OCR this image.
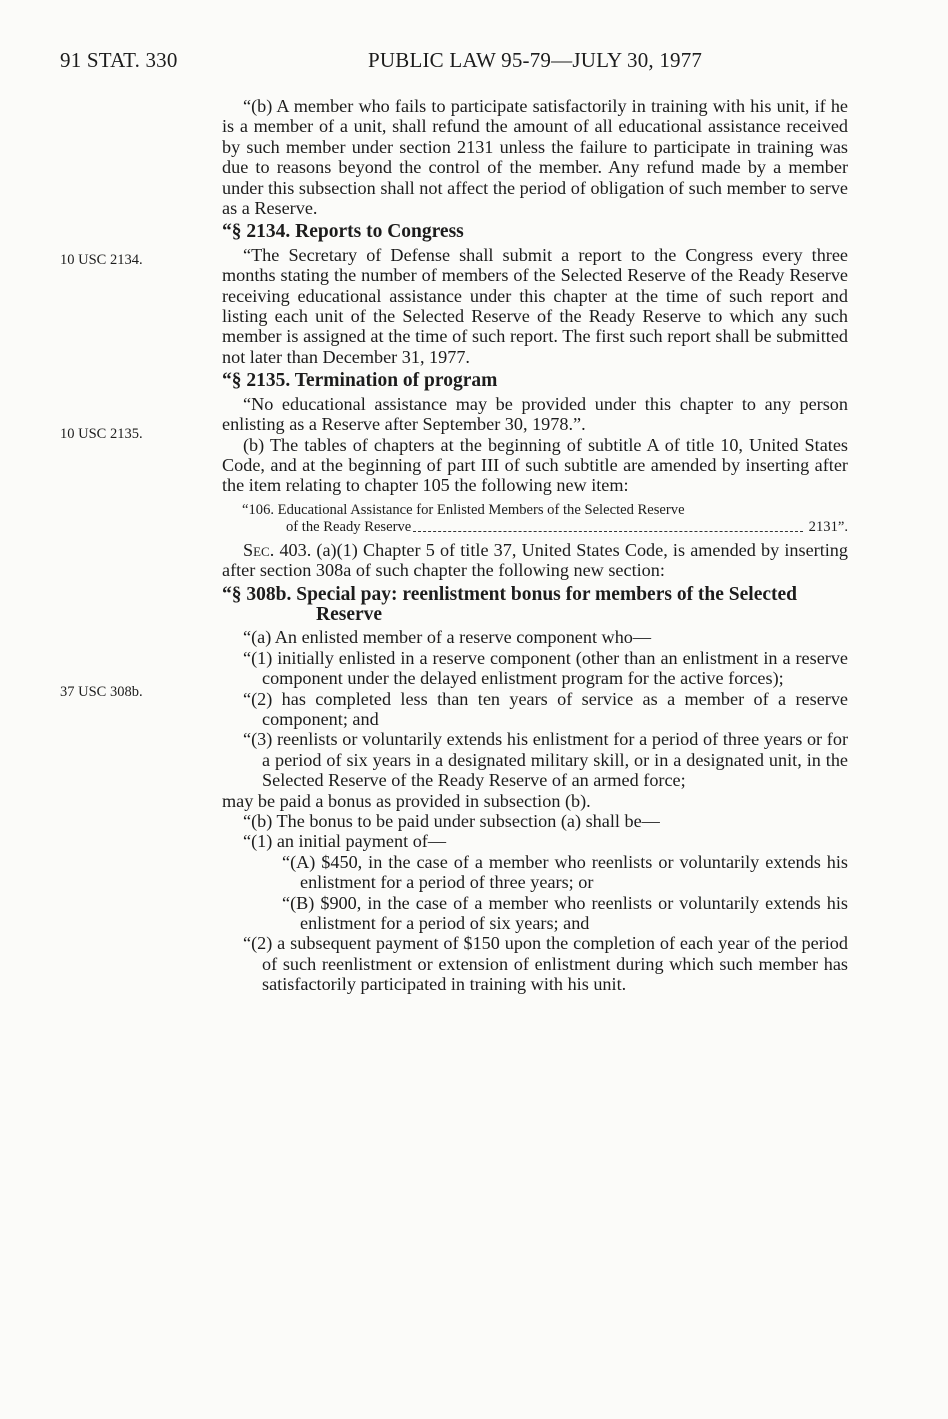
91 STAT. 330	PUBLIC LAW 95-79—JULY 30, 1977
10 USC 2134.
10 USC 2135.
37 USC 308b.

“(b) A member who fails to participate satisfactorily in training with his unit, if he is a member of a unit, shall refund the amount of all educational assistance received by such member under section 2131 unless the failure to participate in training was due to reasons beyond the control of the member. Any refund made by a member under this subsection shall not affect the period of obligation of such member to serve as a Reserve.

“§ 2134. Reports to Congress

“The Secretary of Defense shall submit a report to the Congress every three months stating the number of members of the Selected Reserve of the Ready Reserve receiving educational assistance under this chapter at the time of such report and listing each unit of the Selected Reserve of the Ready Reserve to which any such member is assigned at the time of such report. The first such report shall be submitted not later than December 31, 1977.

“§ 2135. Termination of program

“No educational assistance may be provided under this chapter to any person enlisting as a Reserve after September 30, 1978.”.

(b) The tables of chapters at the beginning of subtitle A of title 10, United States Code, and at the beginning of part III of such subtitle are amended by inserting after the item relating to chapter 105 the following new item:

“106. Educational Assistance for Enlisted Members of the Selected Reserve
of the Ready Reserve	2131”.

Sec. 403. (a)(1) Chapter 5 of title 37, United States Code, is amended by inserting after section 308a of such chapter the following new section:

“§ 308b. Special pay: reenlistment bonus for members of the Selected Reserve

“(a) An enlisted member of a reserve component who—

“(1) initially enlisted in a reserve component (other than an enlistment in a reserve component under the delayed enlistment program for the active forces);

“(2) has completed less than ten years of service as a member of a reserve component; and

“(3) reenlists or voluntarily extends his enlistment for a period of three years or for a period of six years in a designated military skill, or in a designated unit, in the Selected Reserve of the Ready Reserve of an armed force;

may be paid a bonus as provided in subsection (b).

“(b) The bonus to be paid under subsection (a) shall be—

“(1) an initial payment of—

“(A) $450, in the case of a member who reenlists or voluntarily extends his enlistment for a period of three years; or

“(B) $900, in the case of a member who reenlists or voluntarily extends his enlistment for a period of six years; and

“(2) a subsequent payment of $150 upon the completion of each year of the period of such reenlistment or extension of enlistment during which such member has satisfactorily participated in training with his unit.
